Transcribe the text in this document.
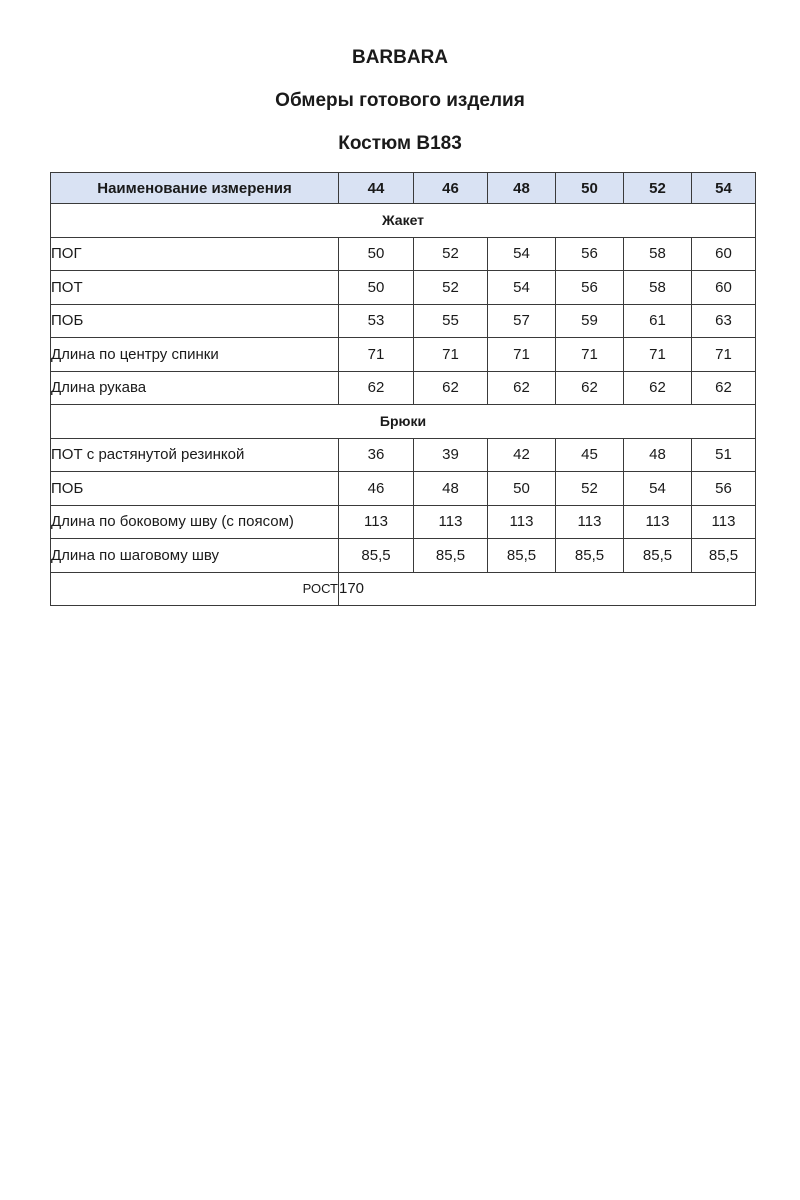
BARBARA
Обмеры готового изделия
Костюм В183
Наименование измерения	44	46	48	50	52	54
Жакет						
ПОГ	50	52	54	56	58	60
ПОТ	50	52	54	56	58	60
ПОБ	53	55	57	59	61	63
Длина по центру спинки	71	71	71	71	71	71
Длина рукава	62	62	62	62	62	62
Брюки						
ПОТ с растянутой резинкой	36	39	42	45	48	51
ПОБ	46	48	50	52	54	56
Длина по боковому шву (с поясом)	113	113	113	113	113	113
Длина по шаговому шву	85,5	85,5	85,5	85,5	85,5	85,5
РОСТ	170					
